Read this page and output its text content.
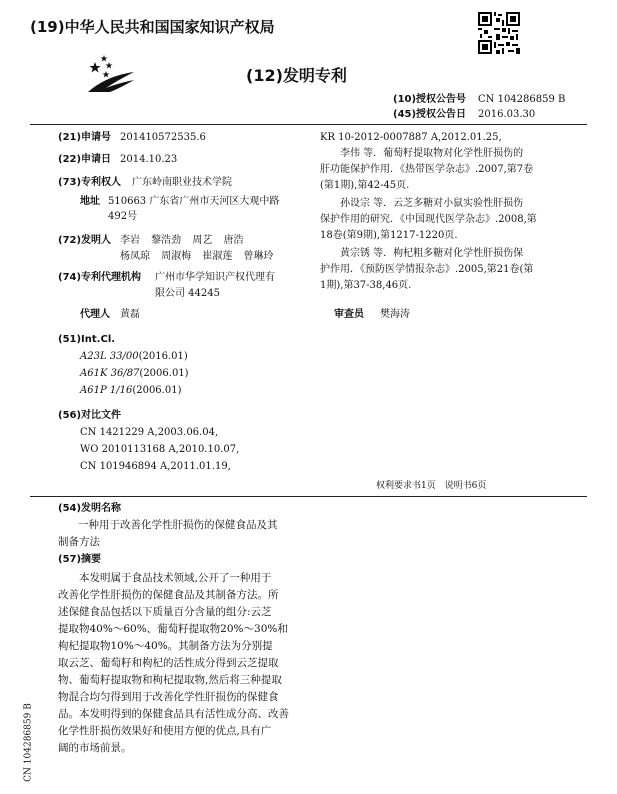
(19)中华人民共和国国家知识产权局
(12)发明专利
(10)授权公告号 CN 104286859 B
(45)授权公告日 2016.03.30
(21)申请号 201410572535.6
(22)申请日 2014.10.23
(73)专利权人 广东岭南职业技术学院
地址 510663 广东省广州市天河区大观中路
492号
(72)发明人 李岩 黎浩劲 周艺 唐浩
杨凤琼 周淑梅 崔淑莲 曾琳玲
(74)专利代理机构 广州市华学知识产权代理有
限公司 44245
代理人 黄磊
(51)Int.Cl.
A23L 33/00(2016.01)
A61K 36/87(2006.01)
A61P 1/16(2006.01)
(56)对比文件
CN 1421229 A,2003.06.04,
WO 2010113168 A,2010.10.07,
CN 101946894 A,2011.01.19,
KR 10-2012-0007887 A,2012.01.25,
　　李伟 等．葡萄籽提取物对化学性肝损伤的
肝功能保护作用．《热带医学杂志》.2007,第7卷
(第1期),第42-45页.
　　孙设宗 等．云芝多糖对小鼠实验性肝损伤
保护作用的研究．《中国现代医学杂志》.2008,第
18卷(第9期),第1217-1220页.
　　黄宗锈 等．枸杞粗多糖对化学性肝损伤保
护作用．《预防医学情报杂志》.2005,第21卷(第
1期),第37-38,46页.
审查员 樊海涛
权利要求书1页 说明书6页
(54)发明名称
一种用于改善化学性肝损伤的保健食品及其
制备方法
(57)摘要
　　本发明属于食品技术领域,公开了一种用于
改善化学性肝损伤的保健食品及其制备方法。所
述保健食品包括以下质量百分含量的组分:云芝
提取物40%～60%、葡萄籽提取物20%～30%和
枸杞提取物10%～40%。其制备方法为分别提
取云芝、葡萄籽和枸杞的活性成分得到云芝提取
物、葡萄籽提取物和枸杞提取物,然后将三种提取
物混合均匀得到用于改善化学性肝损伤的保健食
品。本发明得到的保健食品具有活性成分高、改善
化学性肝损伤效果好和使用方便的优点,具有广
阔的市场前景。
CN 104286859 B
